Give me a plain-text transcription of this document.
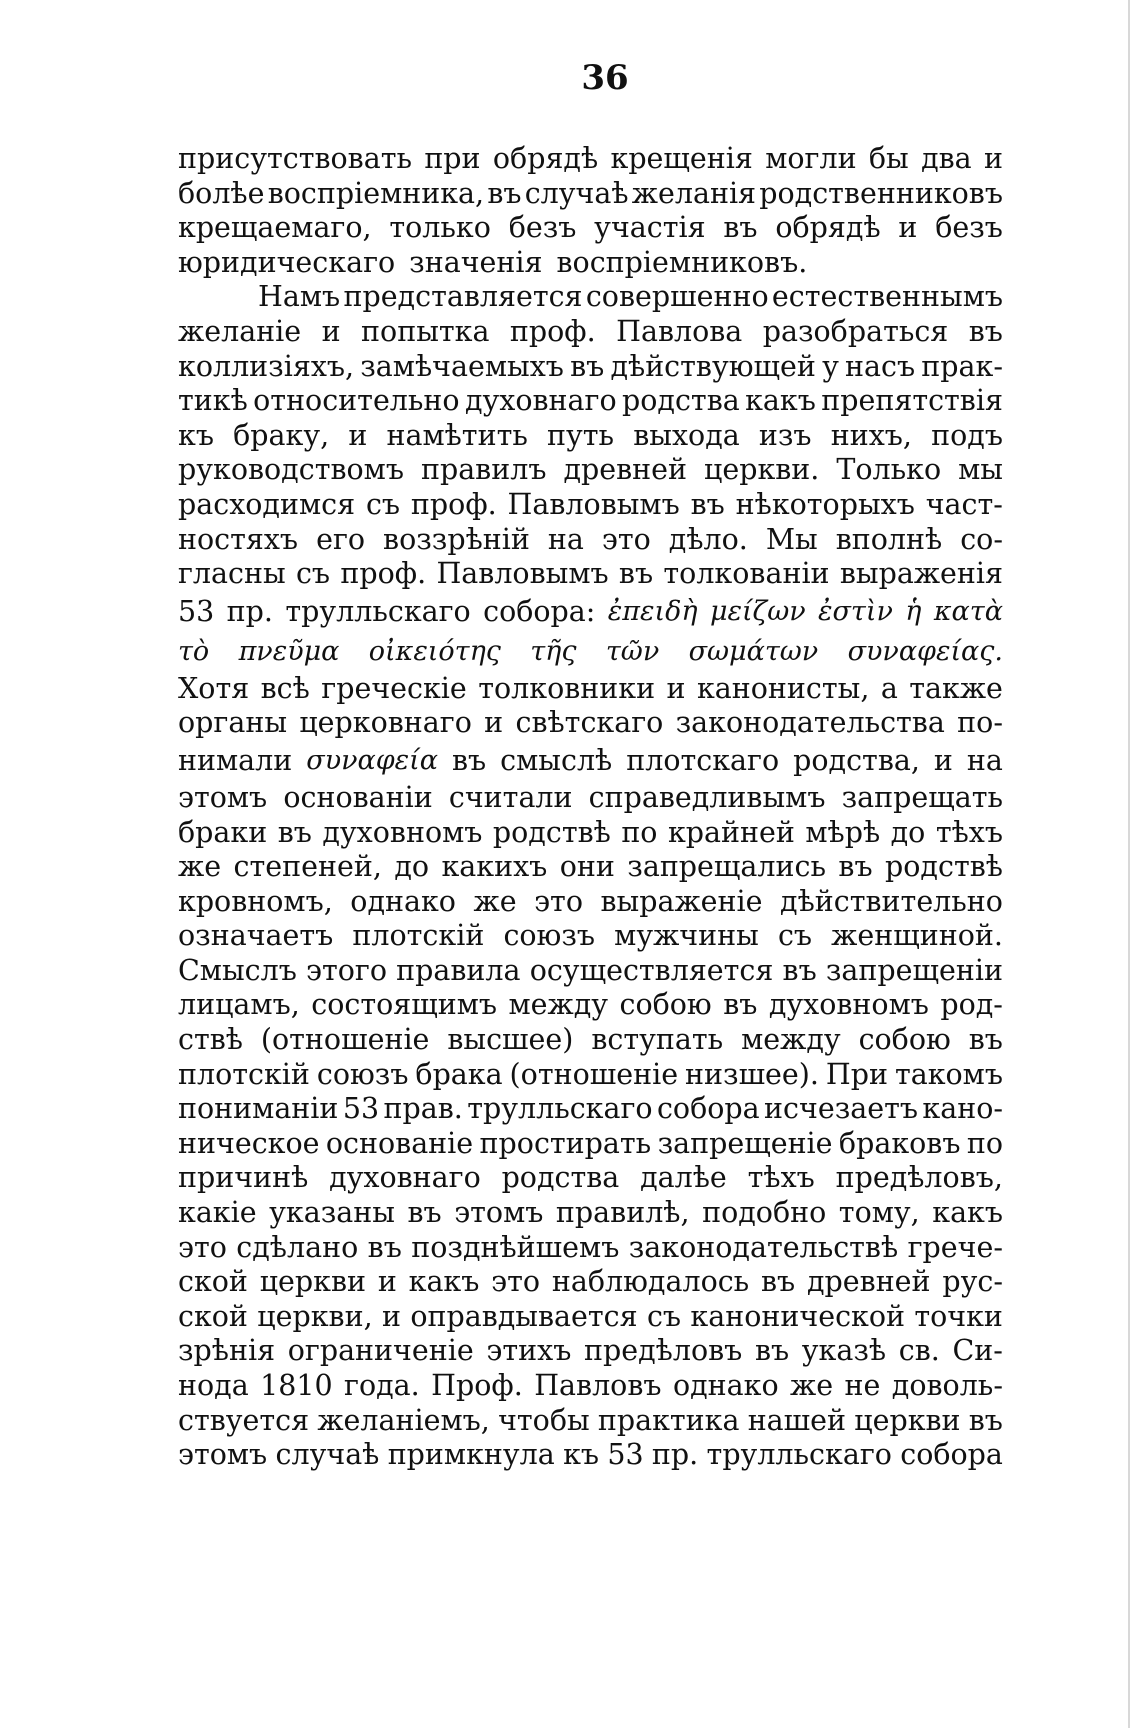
36
присутствовать при обрядѣ крещенія могли бы два и
болѣе воспріемника, въ случаѣ желанія родственниковъ
крещаемаго, только безъ участія въ обрядѣ и безъ
юридическаго значенія воспріемниковъ.
Намъ представляется совершенно естественнымъ
желаніе и попытка проф. Павлова разобраться въ
коллизіяхъ, замѣчаемыхъ въ дѣйствующей у насъ прак-
тикѣ относительно духовнаго родства какъ препятствія
къ браку, и намѣтить путь выхода изъ нихъ, подъ
руководствомъ правилъ древней церкви. Только мы
расходимся съ проф. Павловымъ въ нѣкоторыхъ част-
ностяхъ его воззрѣній на это дѣло. Мы вполнѣ со-
гласны съ проф. Павловымъ въ толкованіи выраженія
53 пр. трулльскаго собора: ἐπειδὴ μείζων ἐστὶν ἡ κατὰ
τὸ πνεῦμα οἰκειότης τῆς τῶν σωμάτων συναφείας.
Хотя всѣ греческіе толковники и канонисты, а также
органы церковнаго и свѣтскаго законодательства по-
нимали συναφεία въ смыслѣ плотскаго родства, и на
этомъ основаніи считали справедливымъ запрещать
браки въ духовномъ родствѣ по крайней мѣрѣ до тѣхъ
же степеней, до какихъ они запрещались въ родствѣ
кровномъ, однако же это выраженіе дѣйствительно
означаетъ плотскій союзъ мужчины съ женщиной.
Смыслъ этого правила осуществляется въ запрещеніи
лицамъ, состоящимъ между собою въ духовномъ род-
ствѣ (отношеніе высшее) вступать между собою въ
плотскій союзъ брака (отношеніе низшее). При такомъ
пониманіи 53 прав. трулльскаго собора исчезаетъ кано-
ническое основаніе простирать запрещеніе браковъ по
причинѣ духовнаго родства далѣе тѣхъ предѣловъ,
какіе указаны въ этомъ правилѣ, подобно тому, какъ
это сдѣлано въ позднѣйшемъ законодательствѣ грече-
ской церкви и какъ это наблюдалось въ древней рус-
ской церкви, и оправдывается съ канонической точки
зрѣнія ограниченіе этихъ предѣловъ въ указѣ св. Си-
нода 1810 года. Проф. Павловъ однако же не доволь-
ствуется желаніемъ, чтобы практика нашей церкви въ
этомъ случаѣ примкнула къ 53 пр. трулльскаго собора
